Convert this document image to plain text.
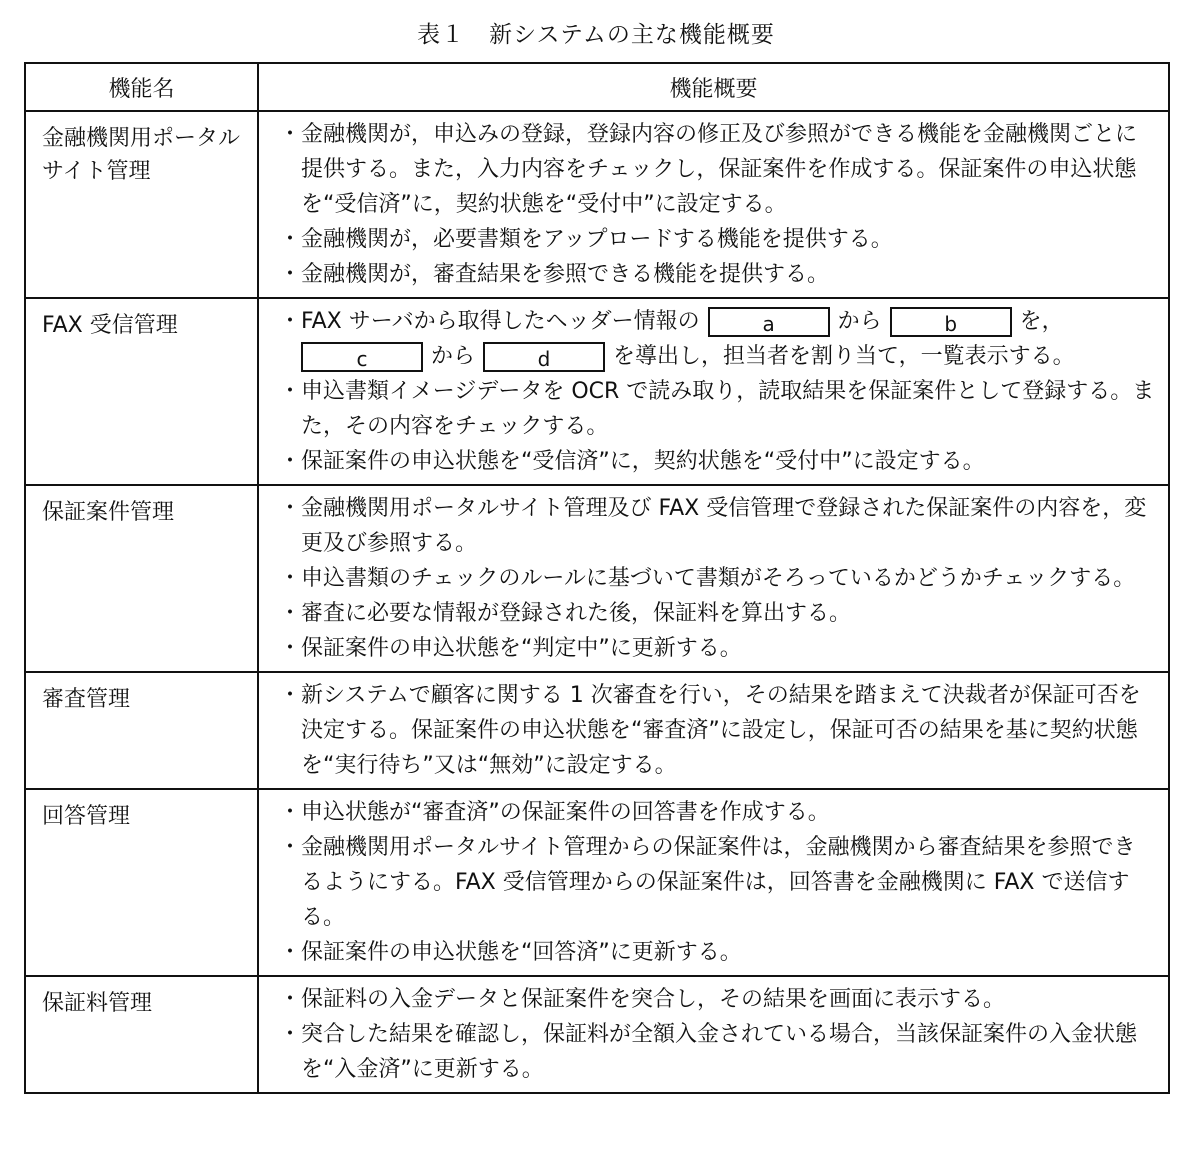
表１　新システムの主な機能概要
機能名	機能概要
金融機関用ポータルサイト管理	・ 金融機関が，申込みの登録，登録内容の修正及び参照ができる機能を金融機関ごとに提供する。また，入力内容をチェックし，保証案件を作成する。保証案件の申込状態を“受信済”に，契約状態を“受付中”に設定する。
・ 金融機関が，必要書類をアップロードする機能を提供する。
・ 金融機関が，審査結果を参照できる機能を提供する。

FAX 受信管理	・ FAX サーバから取得したヘッダー情報の a から b を，
c から d を導出し，担当者を割り当て，一覧表示する。
・ 申込書類イメージデータを OCR で読み取り，読取結果を保証案件として登録する。また，その内容をチェックする。
・ 保証案件の申込状態を“受信済”に，契約状態を“受付中”に設定する。

保証案件管理	・ 金融機関用ポータルサイト管理及び FAX 受信管理で登録された保証案件の内容を，変更及び参照する。
・ 申込書類のチェックのルールに基づいて書類がそろっているかどうかチェックする。
・ 審査に必要な情報が登録された後，保証料を算出する。
・ 保証案件の申込状態を“判定中”に更新する。

審査管理	・ 新システムで顧客に関する 1 次審査を行い，その結果を踏まえて決裁者が保証可否を決定する。保証案件の申込状態を“審査済”に設定し，保証可否の結果を基に契約状態を“実行待ち”又は“無効”に設定する。

回答管理	・ 申込状態が“審査済”の保証案件の回答書を作成する。
・ 金融機関用ポータルサイト管理からの保証案件は，金融機関から審査結果を参照できるようにする。FAX 受信管理からの保証案件は，回答書を金融機関に FAX で送信する。
・ 保証案件の申込状態を“回答済”に更新する。

保証料管理	・ 保証料の入金データと保証案件を突合し，その結果を画面に表示する。
・ 突合した結果を確認し，保証料が全額入金されている場合，当該保証案件の入金状態を“入金済”に更新する。
